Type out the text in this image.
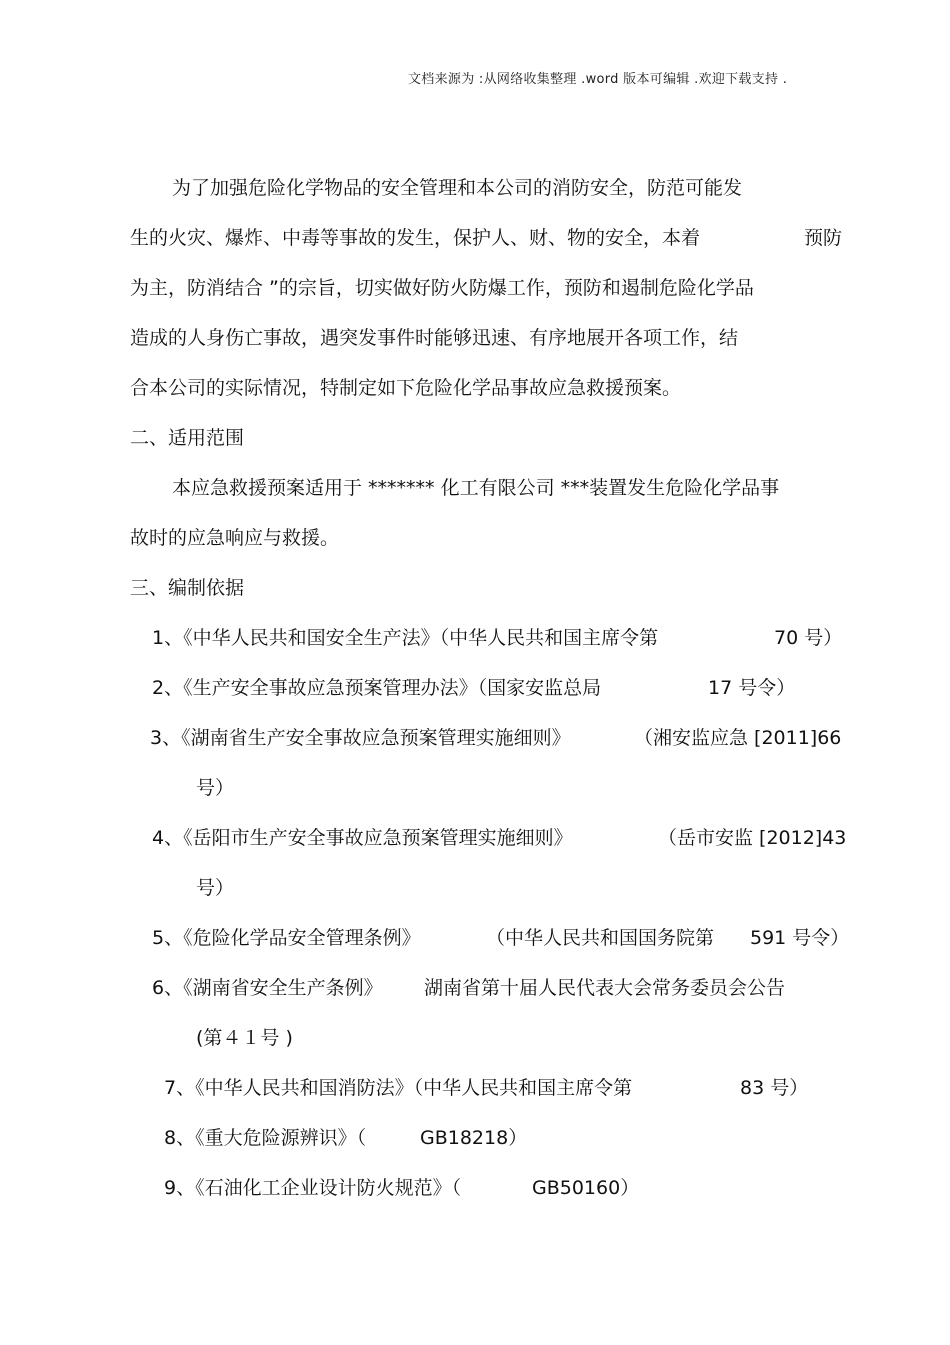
文档来源为 :从网络收集整理 .word 版本可编辑 .欢迎下载支持 .
为了加强危险化学物品的安全管理和本公司的消防安全，防范可能发
生的火灾、爆炸、中毒等事故的发生，保护人、财、物的安全，本着	预防
为主，防消结合 ”的宗旨，切实做好防火防爆工作，预防和遏制危险化学品
造成的人身伤亡事故，遇突发事件时能够迅速、有序地展开各项工作，结
合本公司的实际情况，特制定如下危险化学品事故应急救援预案。
二、适用范围
本应急救援预案适用于 ******* 化工有限公司 ***装置发生危险化学品事
故时的应急响应与救援。
三、编制依据
1、《中华人民共和国安全生产法》（中华人民共和国主席令第	70 号）
2、《生产安全事故应急预案管理办法》（国家安监总局	17 号令）
3、《湖南省生产安全事故应急预案管理实施细则》	（湘安监应急 [2011]66
号）
4、《岳阳市生产安全事故应急预案管理实施细则》	（岳市安监 [2012]43
号）
5、《危险化学品安全管理条例》	（中华人民共和国国务院第 591 号令）
6、《湖南省安全生产条例》 湖南省第十届人民代表大会常务委员会公告
(第４１号 )
7、《中华人民共和国消防法》（中华人民共和国主席令第	83 号）
8、《重大危险源辨识》（	GB18218）
9、《石油化工企业设计防火规范》（	GB50160）
